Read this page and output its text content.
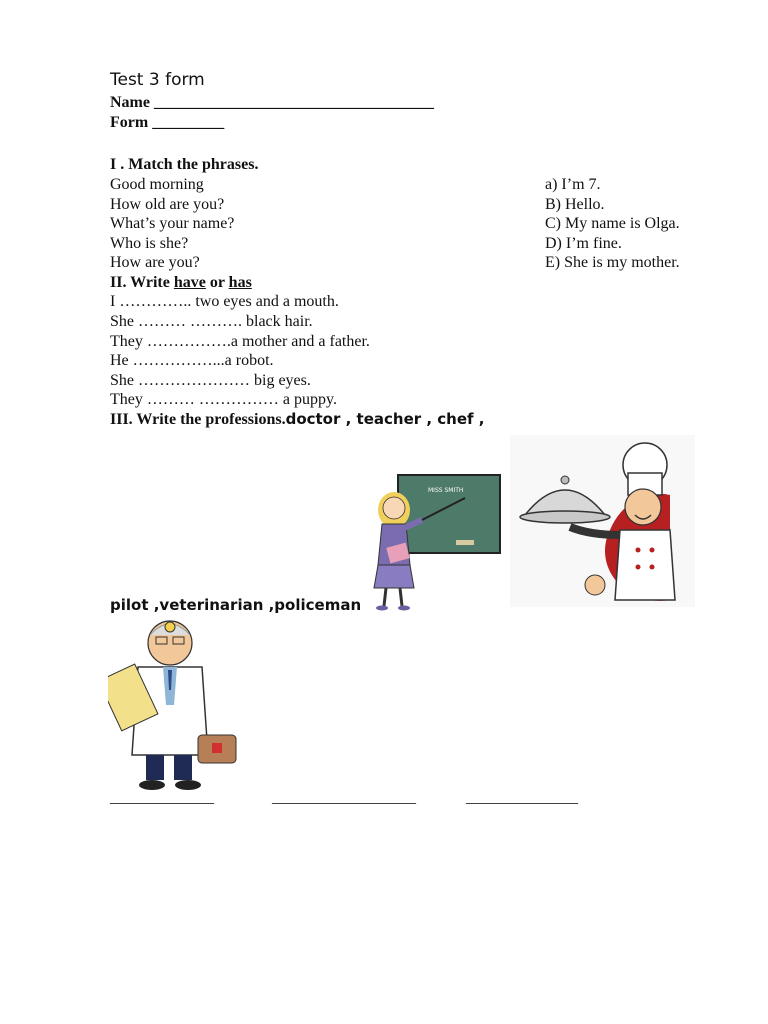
Test 3 form
Name ___________________________________
Form _________
I . Match the phrases.
Good morning
How old are you?
What’s your name?
Who is she?
How are you?
a) I’m 7.
B) Hello.
C) My name is Olga.
D) I’m fine.
E) She is my mother.
II. Write have or has
I ………….. two eyes and a mouth.
She ……… ………. black hair.
They …………….a mother and a father.
He ……………...a robot.
She ………………… big eyes.
They ……… …………… a puppy.
III. Write the professions.doctor , teacher , chef ,
pilot ,veterinarian ,policeman
MISS SMITH
_____________	__________________	______________
